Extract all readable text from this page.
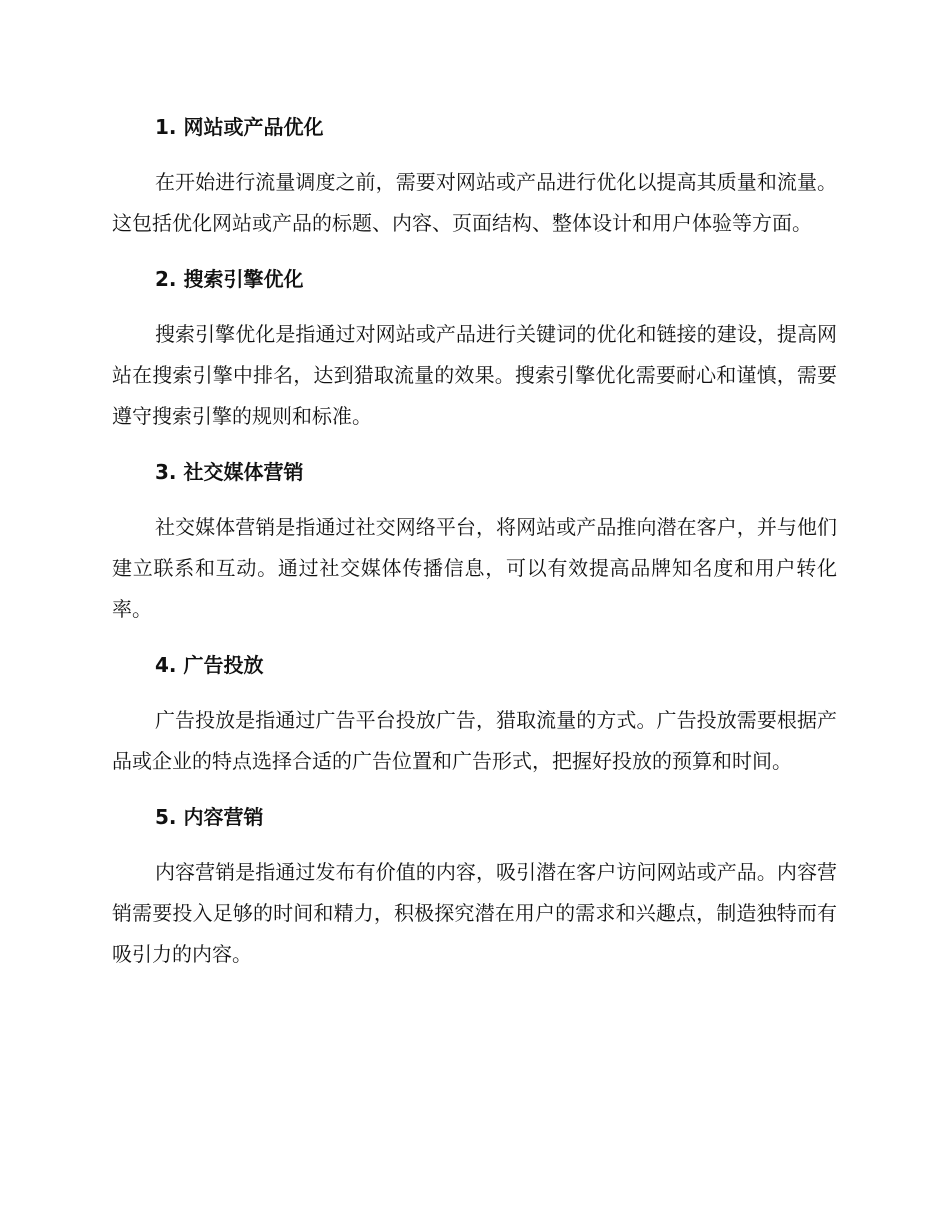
1. 网站或产品优化

在开始进行流量调度之前，需要对网站或产品进行优化以提高其质量和流量。这包括优化网站或产品的标题、内容、页面结构、整体设计和用户体验等方面。

2. 搜索引擎优化

搜索引擎优化是指通过对网站或产品进行关键词的优化和链接的建设，提高网站在搜索引擎中排名，达到猎取流量的效果。搜索引擎优化需要耐心和谨慎，需要遵守搜索引擎的规则和标准。

3. 社交媒体营销

社交媒体营销是指通过社交网络平台，将网站或产品推向潜在客户，并与他们建立联系和互动。通过社交媒体传播信息，可以有效提高品牌知名度和用户转化率。

4. 广告投放

广告投放是指通过广告平台投放广告，猎取流量的方式。广告投放需要根据产品或企业的特点选择合适的广告位置和广告形式，把握好投放的预算和时间。

5. 内容营销

内容营销是指通过发布有价值的内容，吸引潜在客户访问网站或产品。内容营销需要投入足够的时间和精力，积极探究潜在用户的需求和兴趣点，制造独特而有吸引力的内容。
